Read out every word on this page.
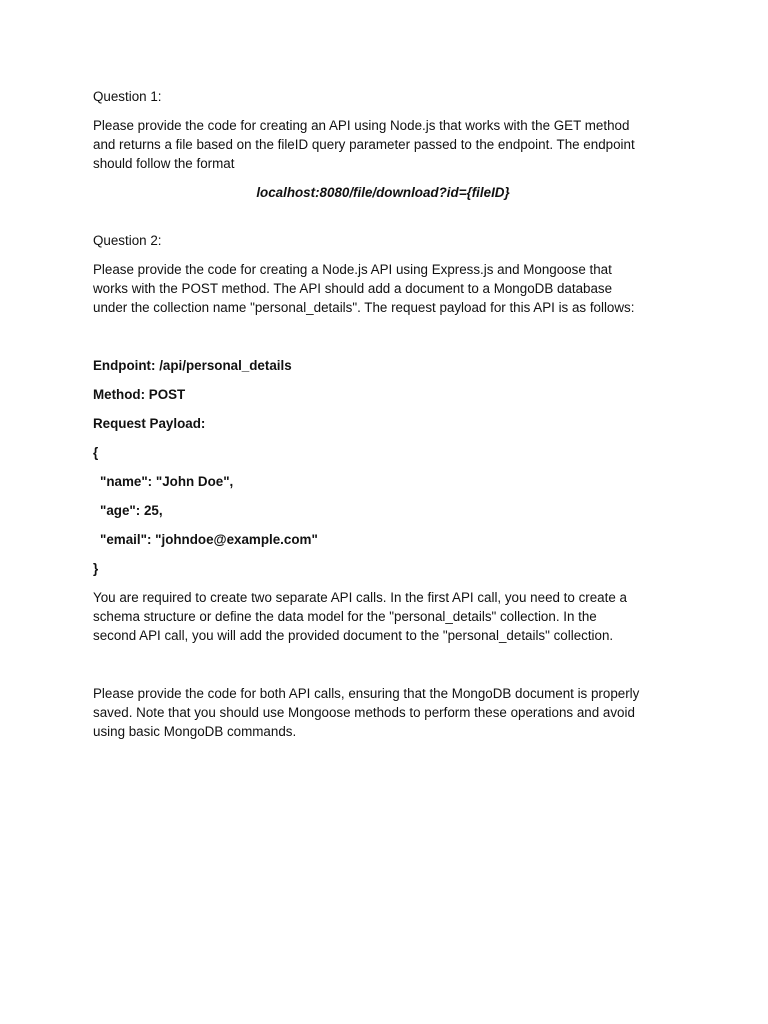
Question 1:

Please provide the code for creating an API using Node.js that works with the GET method
and returns a file based on the fileID query parameter passed to the endpoint. The endpoint
should follow the format

localhost:8080/file/download?id={fileID}

Question 2:

Please provide the code for creating a Node.js API using Express.js and Mongoose that
works with the POST method. The API should add a document to a MongoDB database
under the collection name "personal_details". The request payload for this API is as follows:

Endpoint: /api/personal_details

Method: POST

Request Payload:

{

"name": "John Doe",

"age": 25,

"email": "johndoe@example.com"

}

You are required to create two separate API calls. In the first API call, you need to create a
schema structure or define the data model for the "personal_details" collection. In the
second API call, you will add the provided document to the "personal_details" collection.
Please provide the code for both API calls, ensuring that the MongoDB document is properly
saved. Note that you should use Mongoose methods to perform these operations and avoid
using basic MongoDB commands.
